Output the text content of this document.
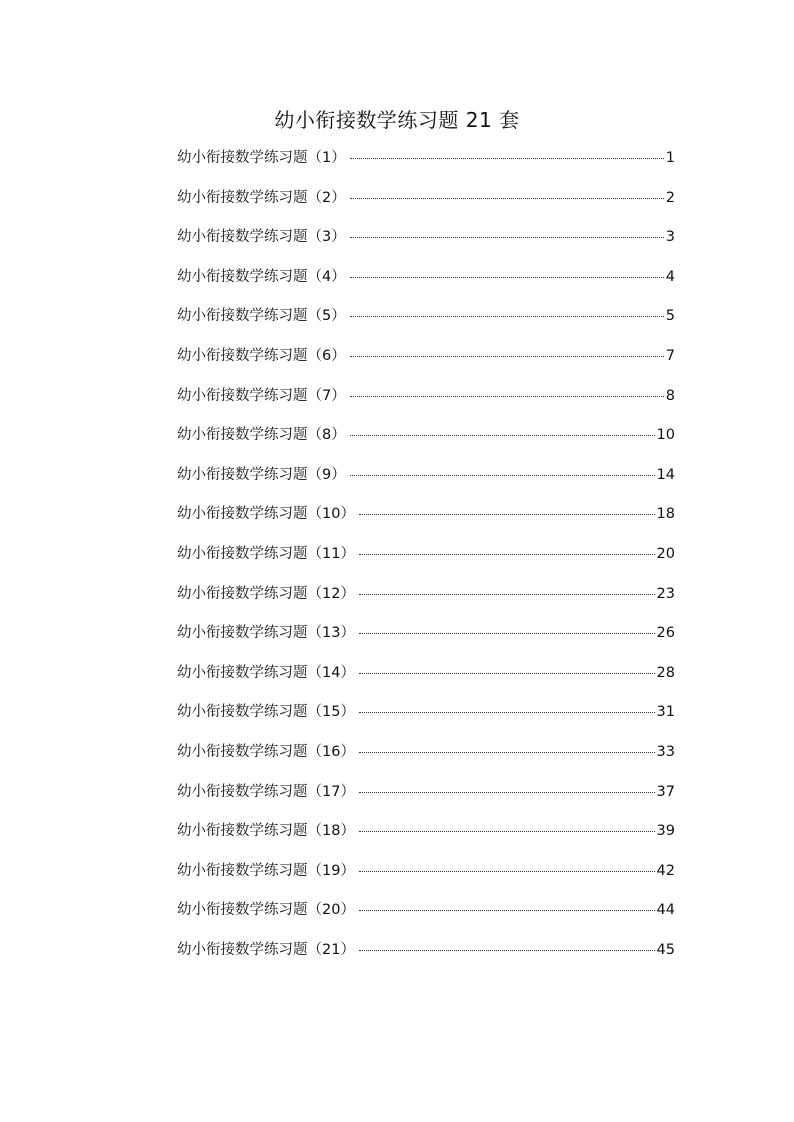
幼小衔接数学练习题 21 套
幼小衔接数学练习题（1）	1
幼小衔接数学练习题（2）	2
幼小衔接数学练习题（3）	3
幼小衔接数学练习题（4）	4
幼小衔接数学练习题（5）	5
幼小衔接数学练习题（6）	7
幼小衔接数学练习题（7）	8
幼小衔接数学练习题（8）	10
幼小衔接数学练习题（9）	14
幼小衔接数学练习题（10）	18
幼小衔接数学练习题（11）	20
幼小衔接数学练习题（12）	23
幼小衔接数学练习题（13）	26
幼小衔接数学练习题（14）	28
幼小衔接数学练习题（15）	31
幼小衔接数学练习题（16）	33
幼小衔接数学练习题（17）	37
幼小衔接数学练习题（18）	39
幼小衔接数学练习题（19）	42
幼小衔接数学练习题（20）	44
幼小衔接数学练习题（21）	45
